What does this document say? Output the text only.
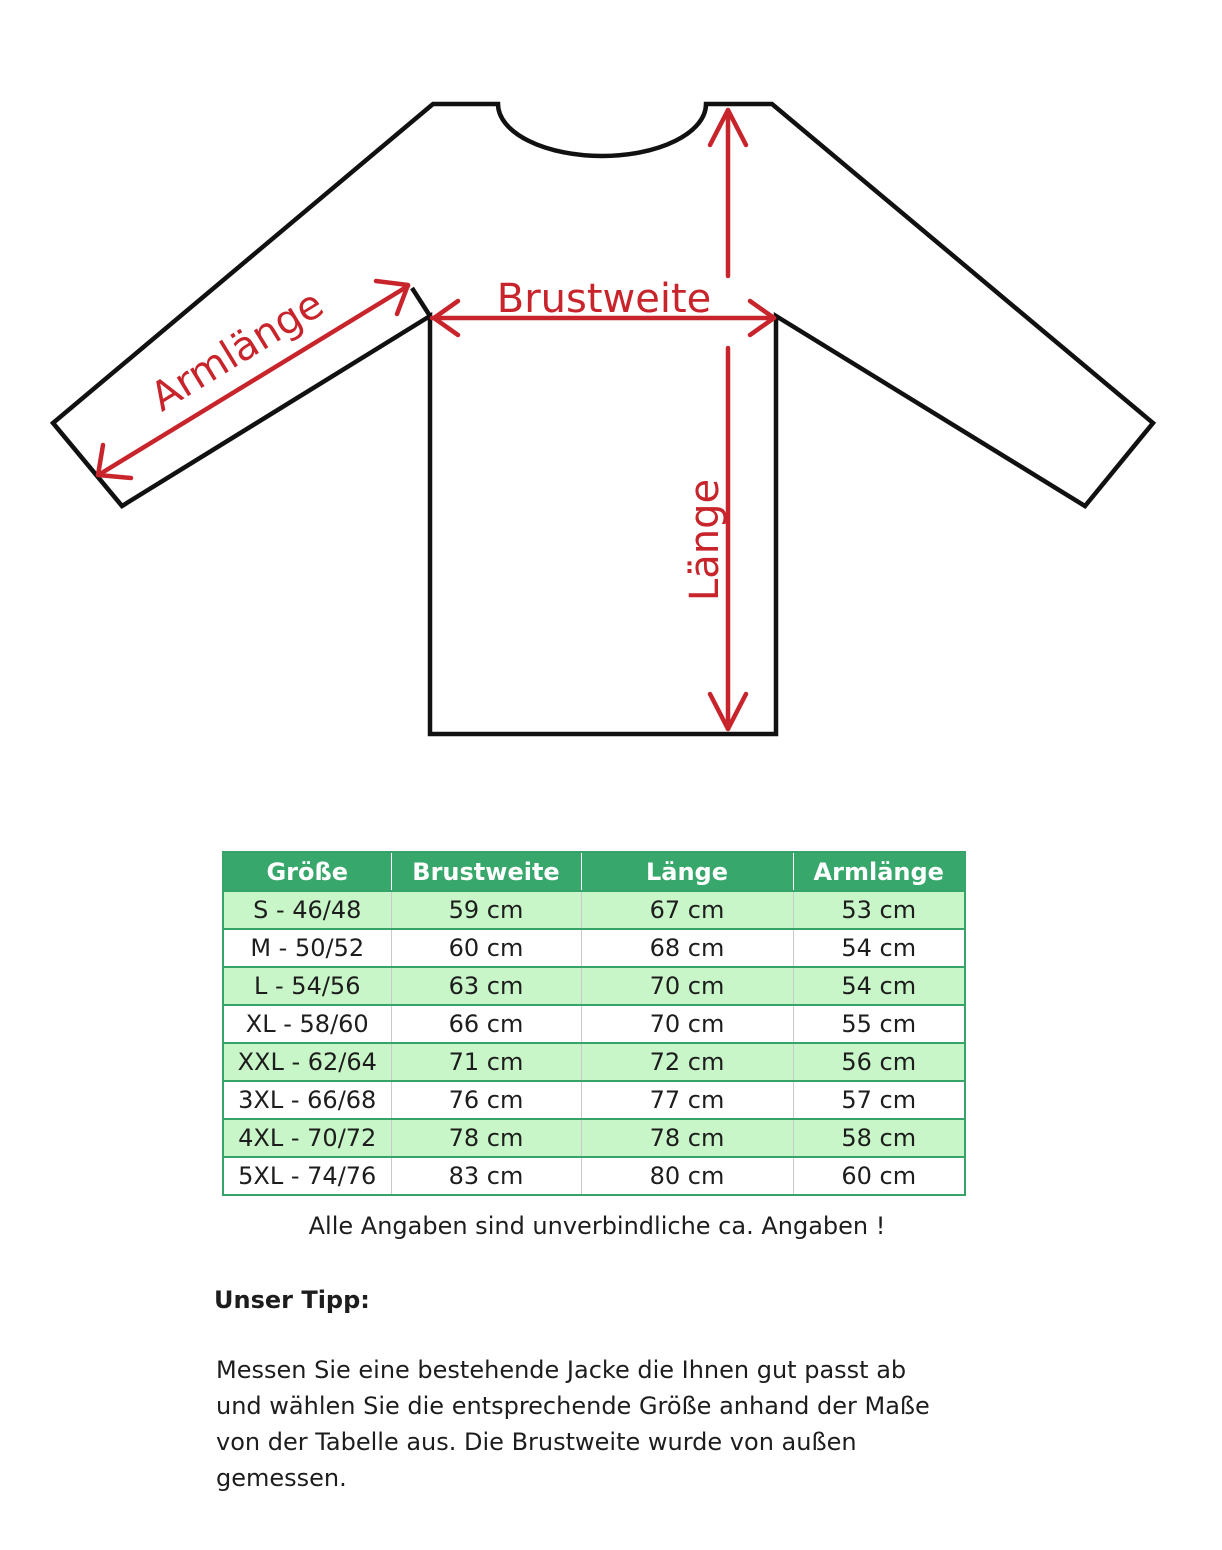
Brustweite
Armlänge
Länge
Größe	Brustweite	Länge	Armlänge
S - 46/48	59 cm	67 cm	53 cm
M - 50/52	60 cm	68 cm	54 cm
L - 54/56	63 cm	70 cm	54 cm
XL - 58/60	66 cm	70 cm	55 cm
XXL - 62/64	71 cm	72 cm	56 cm
3XL - 66/68	76 cm	77 cm	57 cm
4XL - 70/72	78 cm	78 cm	58 cm
5XL - 74/76	83 cm	80 cm	60 cm

Alle Angaben sind unverbindliche ca. Angaben !

Unser Tipp:

Messen Sie eine bestehende Jacke die Ihnen gut passt ab
und wählen Sie die entsprechende Größe anhand der Maße
von der Tabelle aus. Die Brustweite wurde von außen
gemessen.
